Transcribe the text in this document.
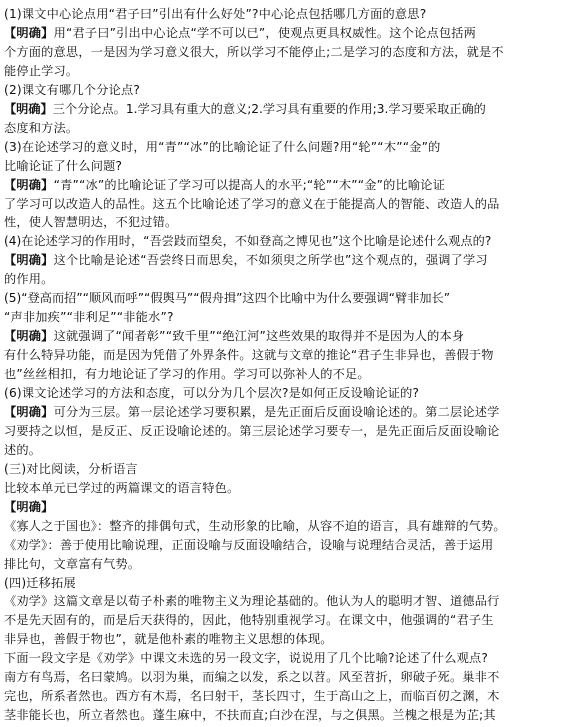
(1)课文中心论点用“君子曰”引出有什么好处”?中心论点包括哪几方面的意思?
【明确】用“君子曰”引出中心论点“学不可以已”，使观点更具权威性。这个论点包括两
个方面的意思，一是因为学习意义很大，所以学习不能停止;二是学习的态度和方法，就是不
能停止学习。
(2)课文有哪几个分论点?
【明确】三个分论点。1.学习具有重大的意义;2.学习具有重要的作用;3.学习要采取正确的
态度和方法。
(3)在论述学习的意义时，用“青”“冰”的比喻论证了什么问题?用“轮”“木”“金”的
比喻论证了什么问题?
【明确】“青”“冰”的比喻论证了学习可以提高人的水平;“轮”“木”“金”的比喻论证
了学习可以改造人的品性。这五个比喻论述了学习的意义在于能提高人的智能、改造人的品
性，使人智慧明达，不犯过错。
(4)在论述学习的作用时，“吾尝跂而望矣，不如登高之博见也”这个比喻是论述什么观点的?
【明确】这个比喻是论述“吾尝终日而思矣，不如须臾之所学也”这个观点的，强调了学习
的作用。
(5)“登高而招”“顺风而呼”“假舆马”“假舟揖”这四个比喻中为什么要强调“臂非加长”
“声非加疾”“非利足”“非能水”?
【明确】这就强调了“闻者彰”“致千里”“绝江河”这些效果的取得并不是因为人的本身
有什么特异功能，而是因为凭借了外界条件。这就与文章的推论“君子生非异也，善假于物
也”丝丝相扣，有力地论证了学习的作用。学习可以弥补人的不足。
(6)课文论述学习的方法和态度，可以分为几个层次?是如何正反设喻论证的?
【明确】可分为三层。第一层论述学习要积累，是先正面后反面设喻论述的。第二层论述学
习要持之以恒，是反正、反正设喻论述的。第三层论述学习要专一，是先正面后反面设喻论
述的。
(三)对比阅读，分析语言
比较本单元已学过的两篇课文的语言特色。
【明确】
《寡人之于国也》：整齐的排偶句式，生动形象的比喻，从容不迫的语言，具有雄辩的气势。
《劝学》：善于使用比喻说理，正面设喻与反面设喻结合，设喻与说理结合灵活，善于运用
排比句，文章富有气势。
(四)迁移拓展
《劝学》这篇文章是以荀子朴素的唯物主义为理论基础的。他认为人的聪明才智、道德品行
不是先天固有的，而是后天获得的，因此，他特别重视学习。在课文中，他强调的“君子生
非异也，善假于物也”，就是他朴素的唯物主义思想的体现。
下面一段文字是《劝学》中课文未选的另一段文字，说说用了几个比喻?论述了什么观点?
南方有鸟焉，名曰蒙鸠。以羽为巢，而编之以发，系之以苕。风至苕折，卵破子死。巢非不
完也，所系者然也。西方有木焉，名曰射干，茎长四寸，生于高山之上，而临百仞之渊，木
茎非能长也，所立者然也。蓬生麻中，不扶而直;白沙在涅，与之俱黑。兰槐之根是为芷;其
